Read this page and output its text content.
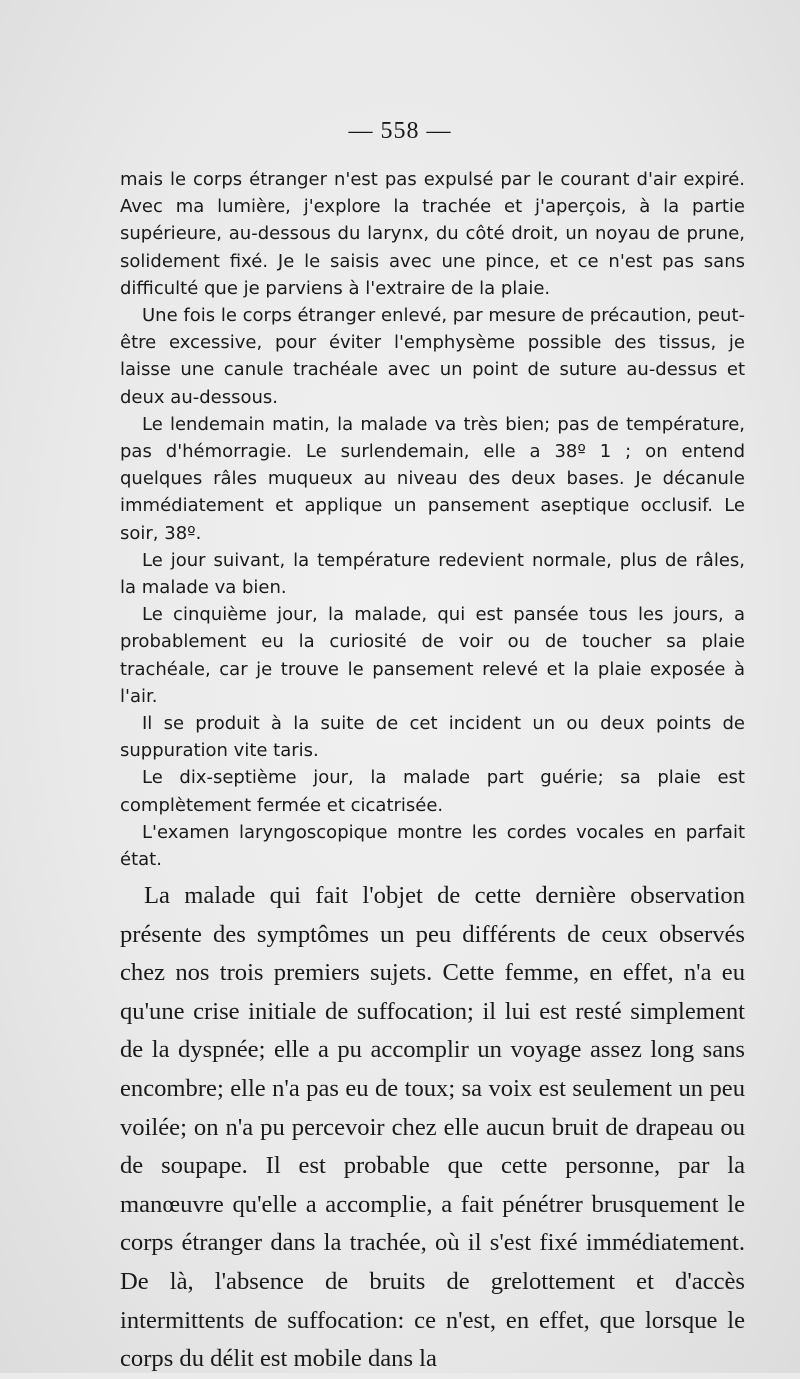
— 558 —

mais le corps étranger n'est pas expulsé par le courant d'air expiré. Avec ma lumière, j'explore la trachée et j'aperçois, à la partie supérieure, au-dessous du larynx, du côté droit, un noyau de prune, solidement fixé. Je le saisis avec une pince, et ce n'est pas sans difficulté que je parviens à l'extraire de la plaie.

Une fois le corps étranger enlevé, par mesure de précaution, peut-être excessive, pour éviter l'emphysème possible des tissus, je laisse une canule trachéale avec un point de suture au-dessus et deux au-dessous.

Le lendemain matin, la malade va très bien; pas de température, pas d'hémorragie. Le surlendemain, elle a 38º 1 ; on entend quelques râles muqueux au niveau des deux bases. Je décanule immédiatement et applique un pansement aseptique occlusif. Le soir, 38º.

Le jour suivant, la température redevient normale, plus de râles, la malade va bien.

Le cinquième jour, la malade, qui est pansée tous les jours, a probablement eu la curiosité de voir ou de toucher sa plaie trachéale, car je trouve le pansement relevé et la plaie exposée à l'air.

Il se produit à la suite de cet incident un ou deux points de suppuration vite taris.

Le dix-septième jour, la malade part guérie; sa plaie est complètement fermée et cicatrisée.

L'examen laryngoscopique montre les cordes vocales en parfait état.

La malade qui fait l'objet de cette dernière observation présente des symptômes un peu différents de ceux observés chez nos trois premiers sujets. Cette femme, en effet, n'a eu qu'une crise initiale de suffocation; il lui est resté simplement de la dyspnée; elle a pu accomplir un voyage assez long sans encombre; elle n'a pas eu de toux; sa voix est seulement un peu voilée; on n'a pu percevoir chez elle aucun bruit de drapeau ou de soupape. Il est probable que cette personne, par la manœuvre qu'elle a accomplie, a fait pénétrer brusquement le corps étranger dans la trachée, où il s'est fixé immédiatement. De là, l'absence de bruits de grelottement et d'accès intermittents de suffocation: ce n'est, en effet, que lorsque le corps du délit est mobile dans la
